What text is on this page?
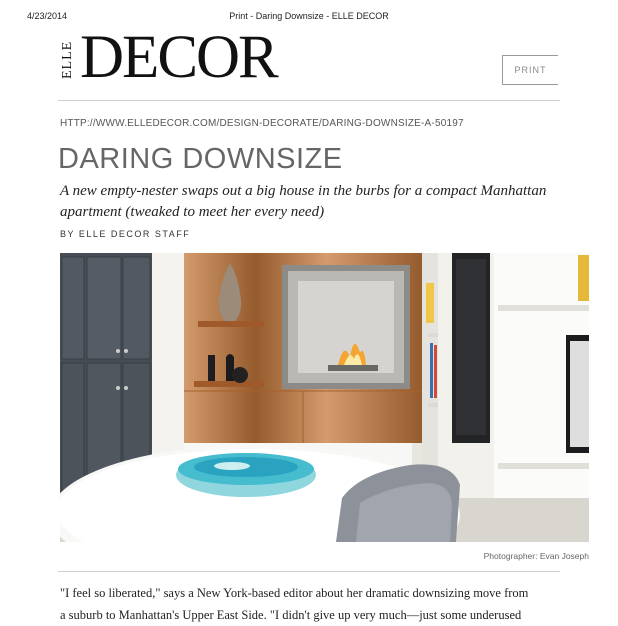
4/23/2014	Print - Daring Downsize - ELLE DECOR
ELLE DECOR	PRINT
HTTP://WWW.ELLEDECOR.COM/DESIGN-DECORATE/DARING-DOWNSIZE-A-50197
DARING DOWNSIZE
A new empty-nester swaps out a big house in the burbs for a compact Manhattan apartment (tweaked to meet her every need)
BY ELLE DECOR STAFF
Photographer: Evan Joseph
"I feel so liberated," says a New York-based editor about her dramatic downsizing move from
a suburb to Manhattan's Upper East Side. "I didn't give up very much—just some underused
